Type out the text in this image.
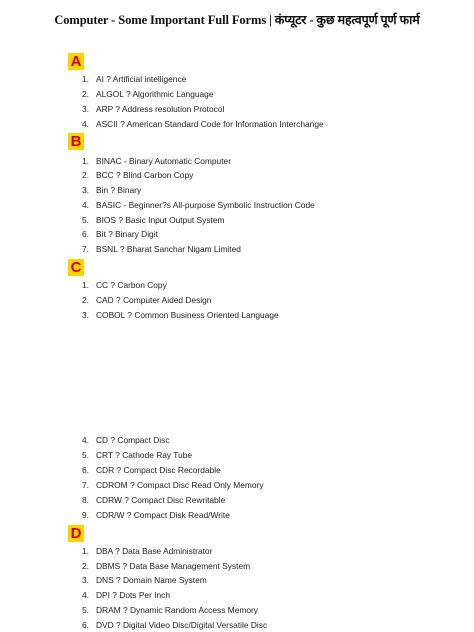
Computer - Some Important Full Forms | कंप्यूटर - कुछ महत्वपूर्ण पूर्ण फार्म
A
1. AI ? Artificial intelligence
2. ALGOL ? Algorithmic Language
3. ARP ? Address resolution Protocol
4. ASCII ? American Standard Code for Information Interchange
B
1. BINAC - Binary Automatic Computer
2. BCC ? Blind Carbon Copy
3. Bin ? Binary
4. BASIC - Beginner?s All-purpose Symbolic Instruction Code
5. BIOS ? Basic Input Output System
6. Bit ? Binary Digit
7. BSNL ? Bharat Sanchar Nigam Limited
C
1. CC ? Carbon Copy
2. CAD ? Computer Aided Design
3. COBOL ? Common Business Oriented Language
4. CD ? Compact Disc
5. CRT ? Cathode Ray Tube
6. CDR ? Compact Disc Recordable
7. CDROM ? Compact Disc Read Only Memory
8. CDRW ? Compact Disc Rewritable
9. CDR/W ? Compact Disk Read/Write
D
1. DBA ? Data Base Administrator
2. DBMS ? Data Base Management System
3. DNS ? Domain Name System
4. DPI ? Dots Per Inch
5. DRAM ? Dynamic Random Access Memory
6. DVD ? Digital Video Disc/Digital Versatile Disc
